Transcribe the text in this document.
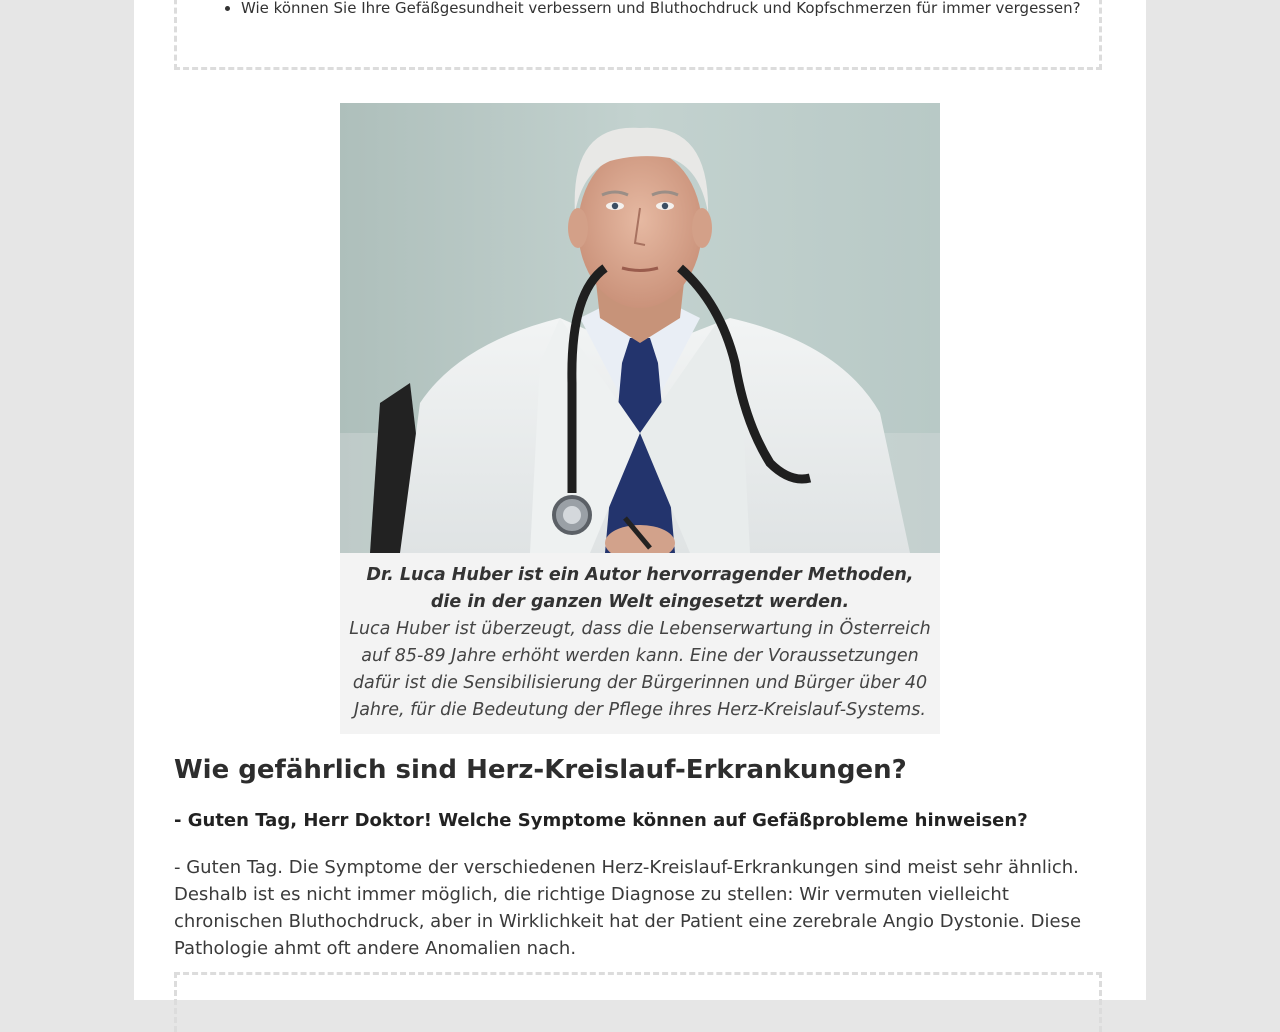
• Wie können Sie Ihre Gefäßgesundheit verbessern und Bluthochdruck und Kopfschmerzen für immer vergessen?
Dr. Luca Huber ist ein Autor hervorragender Methoden, die in der ganzen Welt eingesetzt werden.
Luca Huber ist überzeugt, dass die Lebenserwartung in Österreich auf 85-89 Jahre erhöht werden kann. Eine der Voraussetzungen dafür ist die Sensibilisierung der Bürgerinnen und Bürger über 40 Jahre, für die Bedeutung der Pflege ihres Herz-Kreislauf-Systems.
Wie gefährlich sind Herz-Kreislauf-Erkrankungen?

- Guten Tag, Herr Doktor! Welche Symptome können auf Gefäßprobleme hinweisen?

- Guten Tag. Die Symptome der verschiedenen Herz-Kreislauf-Erkrankungen sind meist sehr ähnlich. Deshalb ist es nicht immer möglich, die richtige Diagnose zu stellen: Wir vermuten vielleicht chronischen Bluthochdruck, aber in Wirklichkeit hat der Patient eine zerebrale Angio Dystonie. Diese Pathologie ahmt oft andere Anomalien nach.
